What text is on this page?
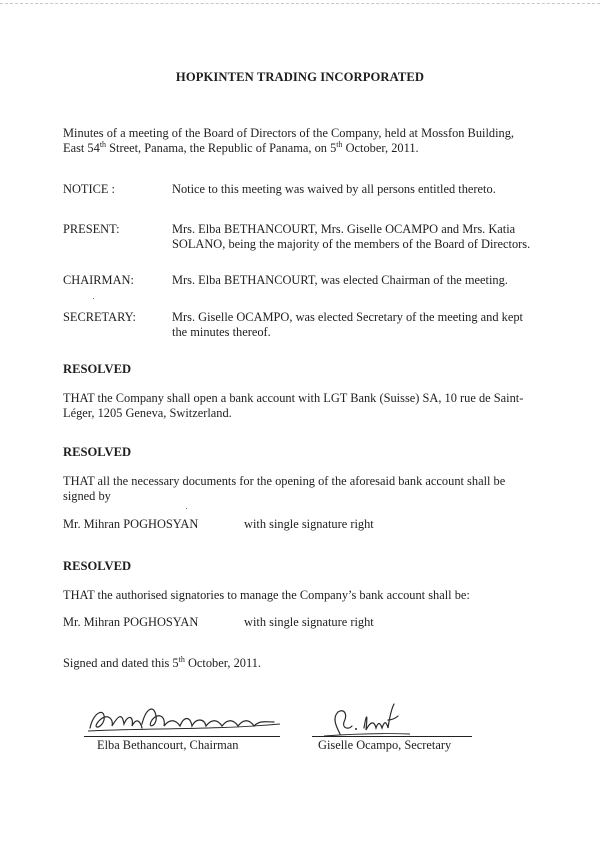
HOPKINTEN TRADING INCORPORATED
Minutes of a meeting of the Board of Directors of the Company, held at Mossfon Building,
East 54th Street, Panama, the Republic of Panama, on 5th October, 2011.
NOTICE :	Notice to this meeting was waived by all persons entitled thereto.
PRESENT:	Mrs. Elba BETHANCOURT, Mrs. Giselle OCAMPO and Mrs. Katia
SOLANO, being the majority of the members of the Board of Directors.
CHAIRMAN:	Mrs. Elba BETHANCOURT, was elected Chairman of the meeting.
SECRETARY:	Mrs. Giselle OCAMPO, was elected Secretary of the meeting and kept
the minutes thereof.
RESOLVED
THAT the Company shall open a bank account with LGT Bank (Suisse) SA, 10 rue de Saint-
Léger, 1205 Geneva, Switzerland.
RESOLVED
THAT all the necessary documents for the opening of the aforesaid bank account shall be
signed by
Mr. Mihran POGHOSYAN	with single signature right
RESOLVED
THAT the authorised signatories to manage the Company’s bank account shall be:
Mr. Mihran POGHOSYAN	with single signature right
Signed and dated this 5th October, 2011.
Elba Bethancourt, Chairman	Giselle Ocampo, Secretary
